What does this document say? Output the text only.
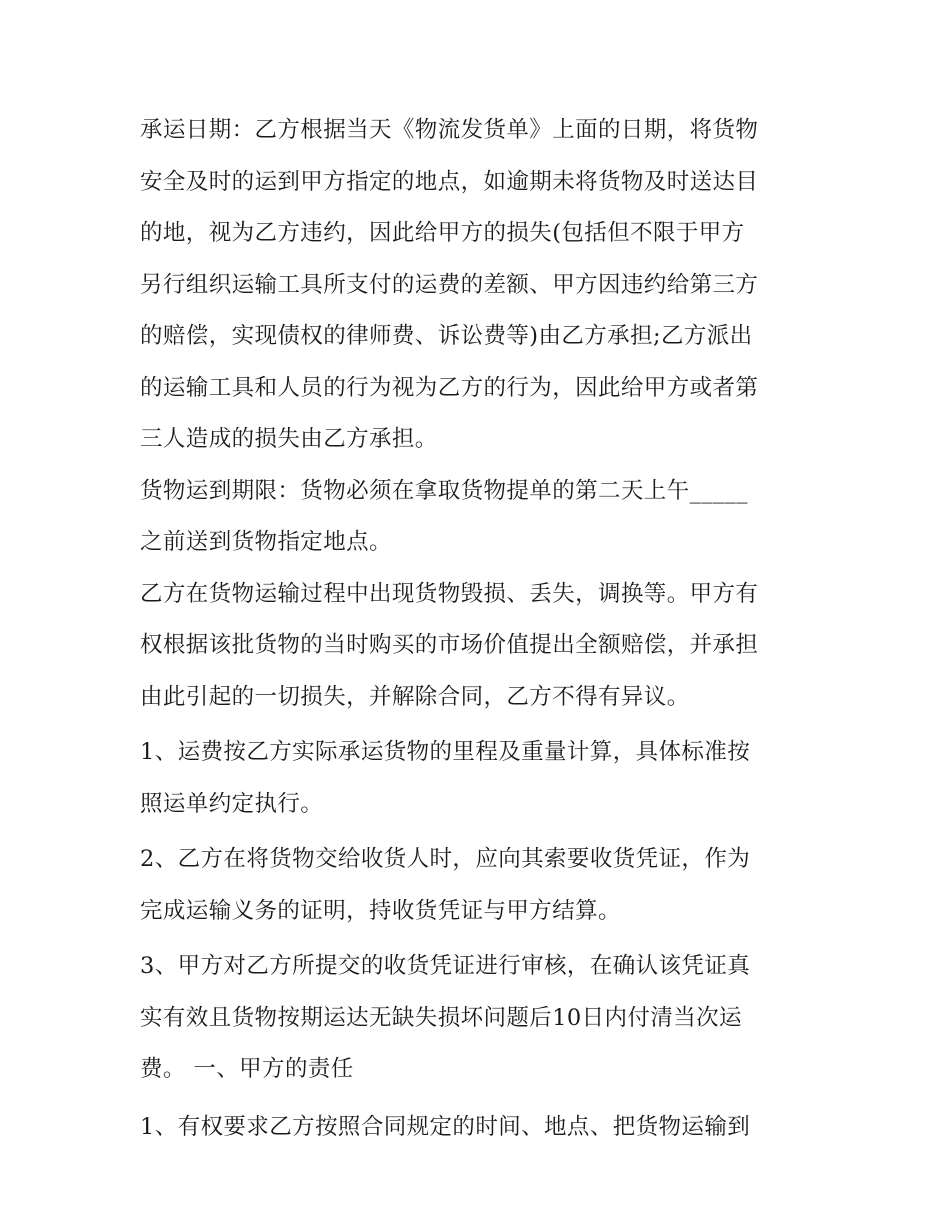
承运日期：乙方根据当天《物流发货单》上面的日期，将货物
安全及时的运到甲方指定的地点，如逾期未将货物及时送达目
的地，视为乙方违约，因此给甲方的损失(包括但不限于甲方
另行组织运输工具所支付的运费的差额、甲方因违约给第三方
的赔偿，实现债权的律师费、诉讼费等)由乙方承担;乙方派出
的运输工具和人员的行为视为乙方的行为，因此给甲方或者第
三人造成的损失由乙方承担。

货物运到期限：货物必须在拿取货物提单的第二天上午_____
之前送到货物指定地点。

乙方在货物运输过程中出现货物毁损、丢失，调换等。甲方有
权根据该批货物的当时购买的市场价值提出全额赔偿，并承担
由此引起的一切损失，并解除合同，乙方不得有异议。

1、运费按乙方实际承运货物的里程及重量计算，具体标准按
照运单约定执行。

2、乙方在将货物交给收货人时，应向其索要收货凭证，作为
完成运输义务的证明，持收货凭证与甲方结算。

3、甲方对乙方所提交的收货凭证进行审核，在确认该凭证真
实有效且货物按期运达无缺失损坏问题后10日内付清当次运
费。 一、甲方的责任

1、有权要求乙方按照合同规定的时间、地点、把货物运输到
